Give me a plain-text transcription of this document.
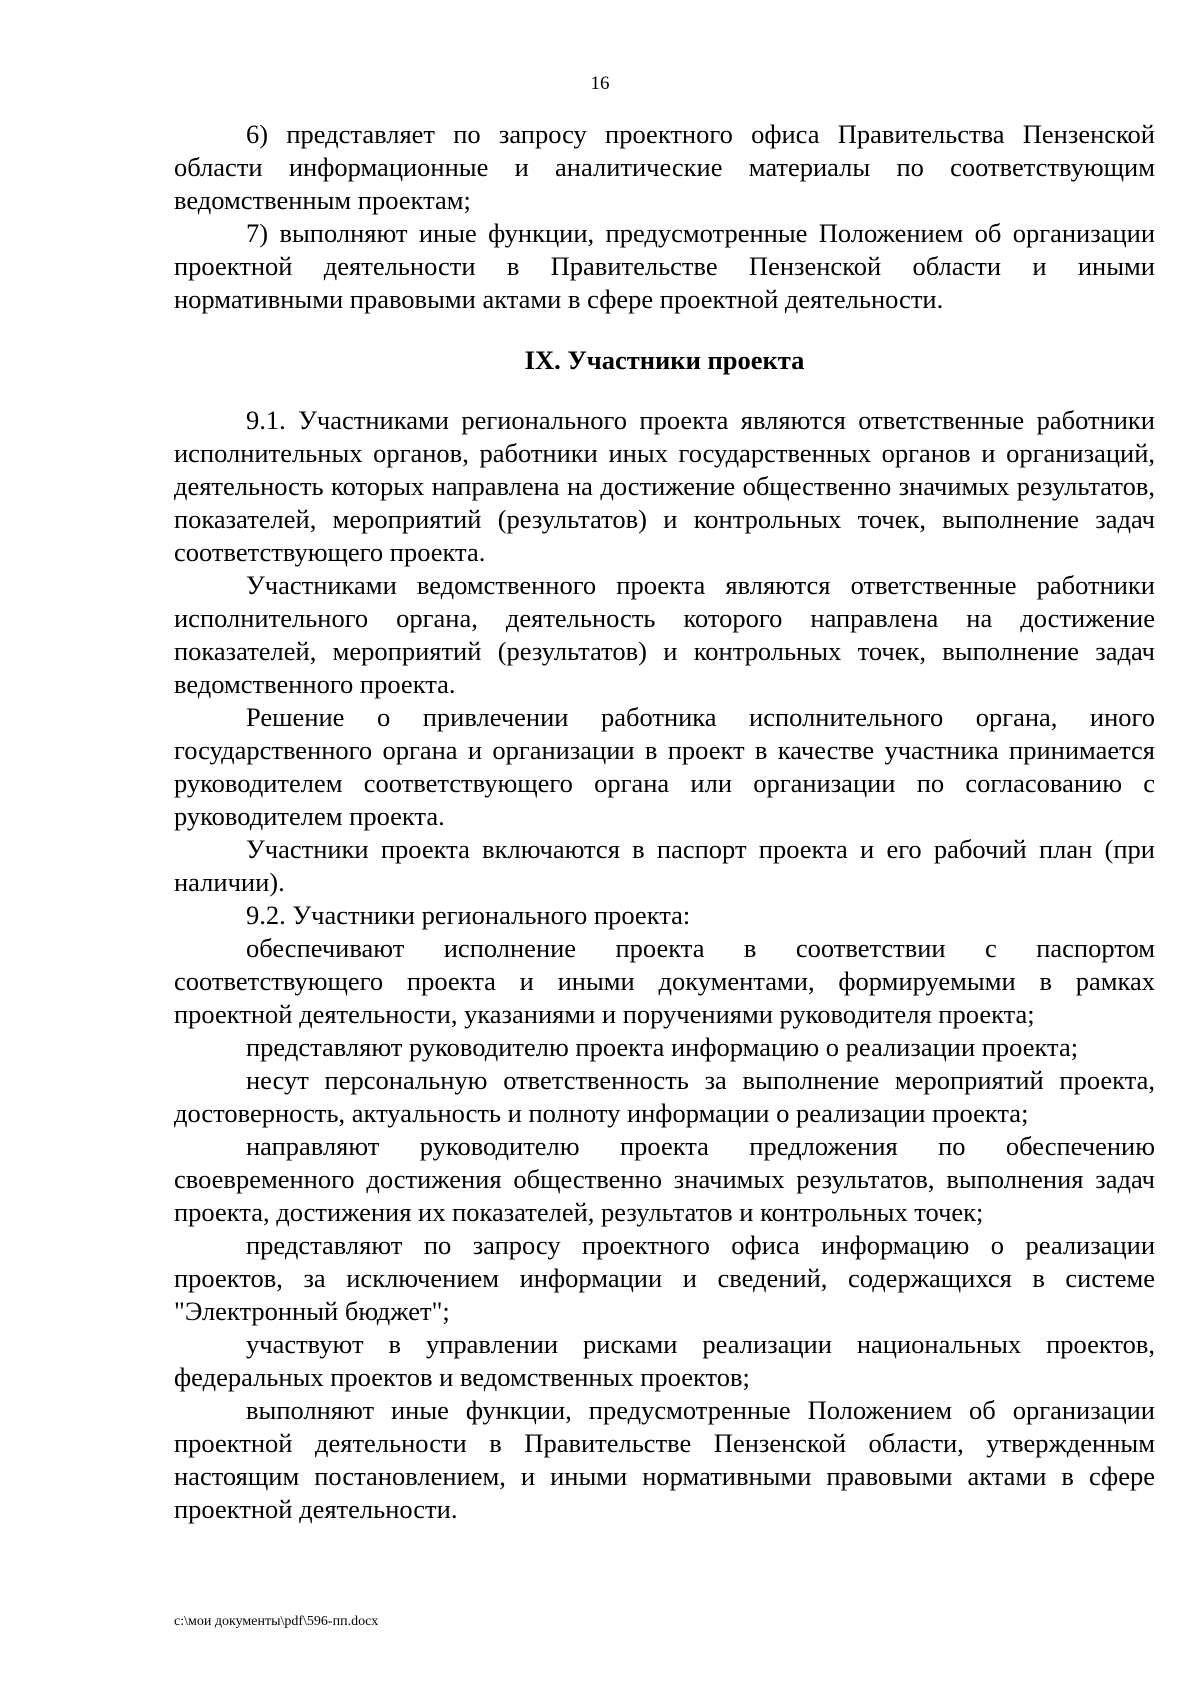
16

6) представляет по запросу проектного офиса Правительства Пензенской области информационные и аналитические материалы по соответствующим ведомственным проектам;

7) выполняют иные функции, предусмотренные Положением об организации проектной деятельности в Правительстве Пензенской области и иными нормативными правовыми актами в сфере проектной деятельности.

IX. Участники проекта

9.1. Участниками регионального проекта являются ответственные работники исполнительных органов, работники иных государственных органов и организаций, деятельность которых направлена на достижение общественно значимых результатов, показателей, мероприятий (результатов) и контрольных точек, выполнение задач соответствующего проекта.

Участниками ведомственного проекта являются ответственные работники исполнительного органа, деятельность которого направлена на достижение показателей, мероприятий (результатов) и контрольных точек, выполнение задач ведомственного проекта.

Решение о привлечении работника исполнительного органа, иного государственного органа и организации в проект в качестве участника принимается руководителем соответствующего органа или организации по согласованию с руководителем проекта.

Участники проекта включаются в паспорт проекта и его рабочий план (при наличии).

9.2. Участники регионального проекта:

обеспечивают исполнение проекта в соответствии с паспортом соответствующего проекта и иными документами, формируемыми в рамках проектной деятельности, указаниями и поручениями руководителя проекта;

представляют руководителю проекта информацию о реализации проекта;

несут персональную ответственность за выполнение мероприятий проекта, достоверность, актуальность и полноту информации о реализации проекта;

направляют руководителю проекта предложения по обеспечению своевременного достижения общественно значимых результатов, выполнения задач проекта, достижения их показателей, результатов и контрольных точек;

представляют по запросу проектного офиса информацию о реализации проектов, за исключением информации и сведений, содержащихся в системе "Электронный бюджет";

участвуют в управлении рисками реализации национальных проектов, федеральных проектов и ведомственных проектов;

выполняют иные функции, предусмотренные Положением об организации проектной деятельности в Правительстве Пензенской области, утвержденным настоящим постановлением, и иными нормативными правовыми актами в сфере проектной деятельности.

c:\мои документы\pdf\596-пп.docx
